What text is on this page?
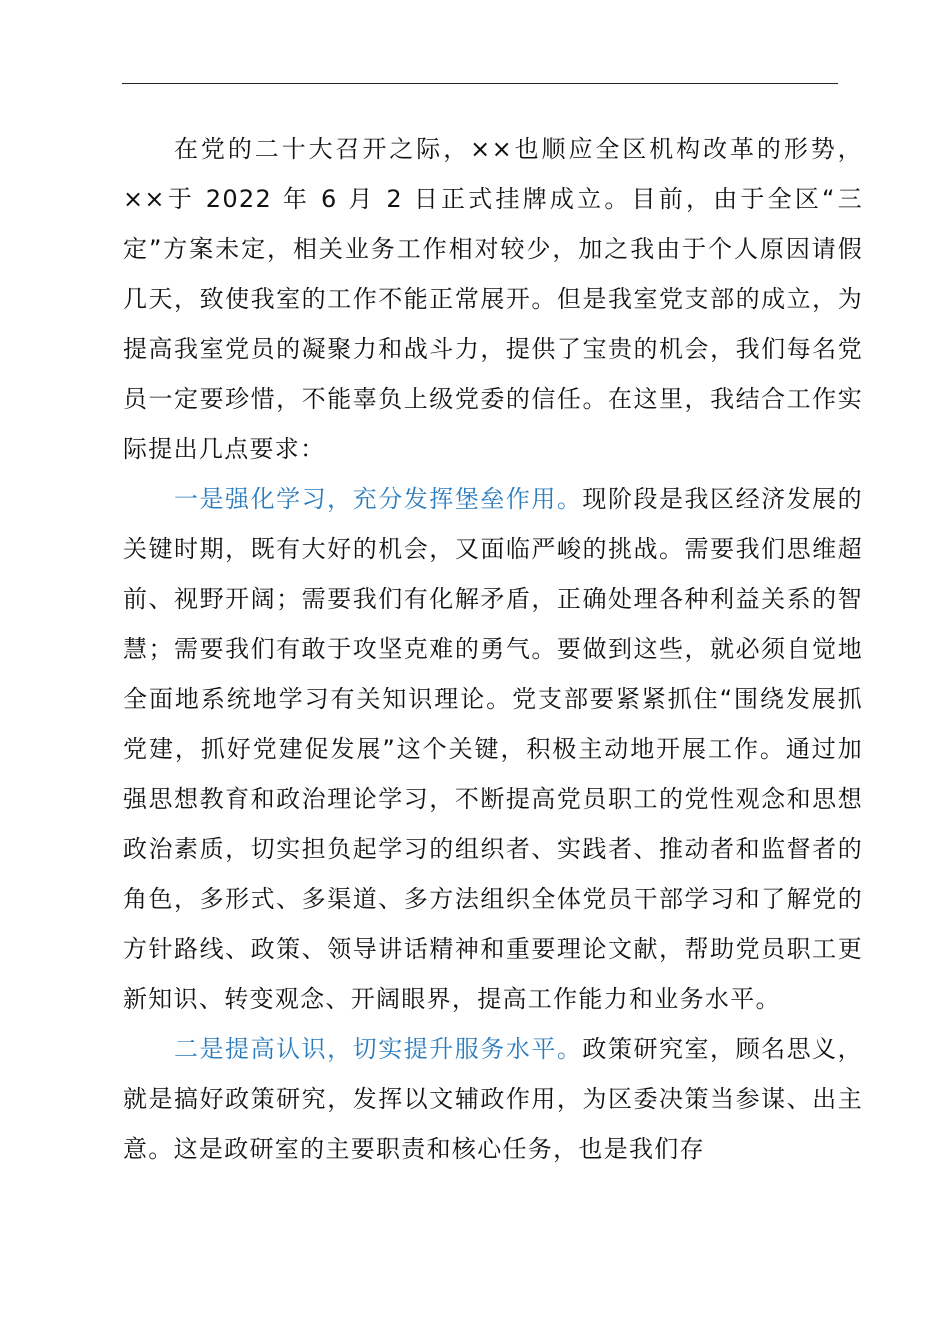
在党的二十大召开之际，××也顺应全区机构改革的形势，××于 2022 年 6 月 2 日正式挂牌成立。目前，由于全区“三定”方案未定，相关业务工作相对较少，加之我由于个人原因请假几天，致使我室的工作不能正常展开。但是我室党支部的成立，为提高我室党员的凝聚力和战斗力，提供了宝贵的机会，我们每名党员一定要珍惜，不能辜负上级党委的信任。在这里，我结合工作实际提出几点要求：

一是强化学习，充分发挥堡垒作用。现阶段是我区经济发展的关键时期，既有大好的机会，又面临严峻的挑战。需要我们思维超前、视野开阔；需要我们有化解矛盾，正确处理各种利益关系的智慧；需要我们有敢于攻坚克难的勇气。要做到这些，就必须自觉地全面地系统地学习有关知识理论。党支部要紧紧抓住“围绕发展抓党建，抓好党建促发展”这个关键，积极主动地开展工作。通过加强思想教育和政治理论学习，不断提高党员职工的党性观念和思想政治素质，切实担负起学习的组织者、实践者、推动者和监督者的角色，多形式、多渠道、多方法组织全体党员干部学习和了解党的方针路线、政策、领导讲话精神和重要理论文献，帮助党员职工更新知识、转变观念、开阔眼界，提高工作能力和业务水平。

二是提高认识，切实提升服务水平。政策研究室，顾名思义，就是搞好政策研究，发挥以文辅政作用，为区委决策当参谋、出主意。这是政研室的主要职责和核心任务，也是我们存
